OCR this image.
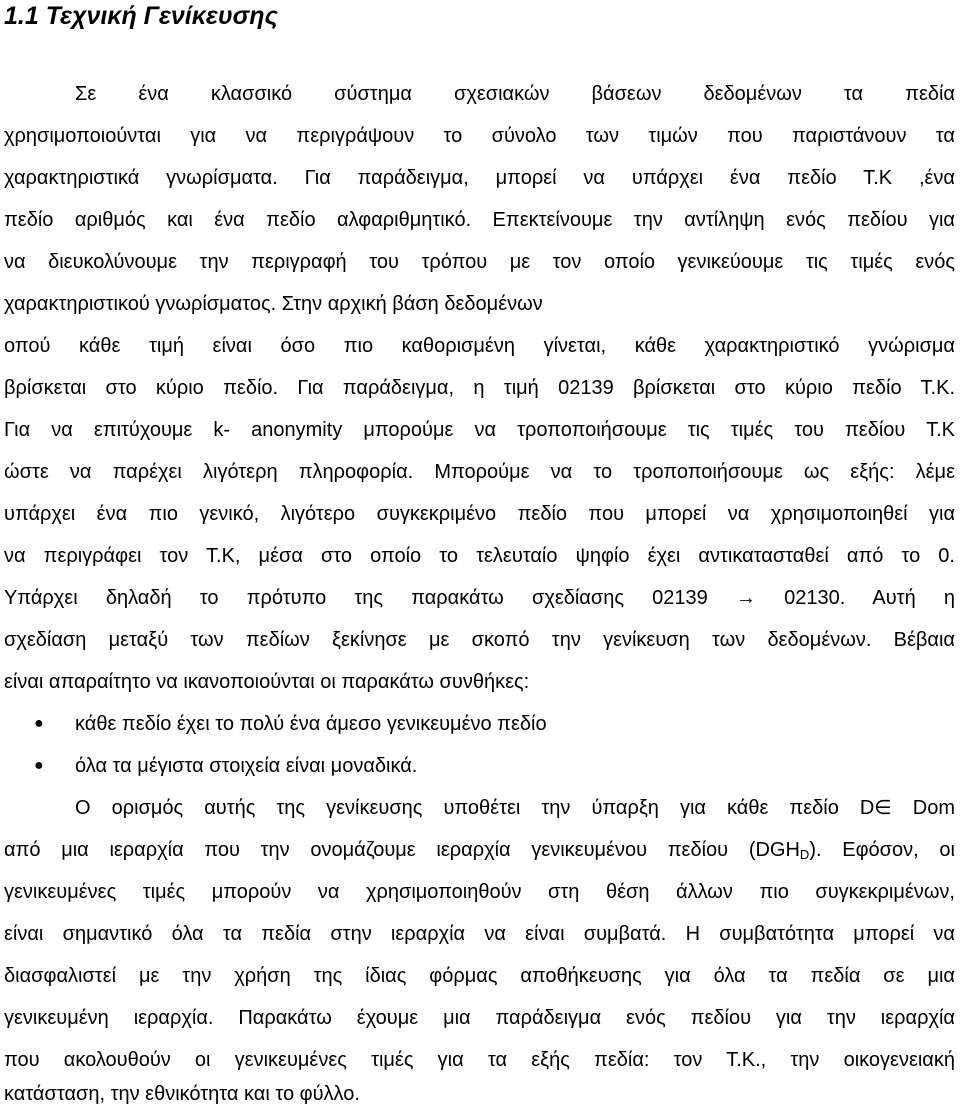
1.1 Τεχνική Γενίκευσης
Σε ένα κλασσικό σύστημα σχεσιακών βάσεων δεδομένων τα πεδία
χρησιμοποιούνται για να περιγράψουν το σύνολο των τιμών που παριστάνουν τα
χαρακτηριστικά γνωρίσματα. Για παράδειγμα, μπορεί να υπάρχει ένα πεδίο Τ.Κ ,ένα
πεδίο αριθμός και ένα πεδίο αλφαριθμητικό. Επεκτείνουμε την αντίληψη ενός πεδίου για
να διευκολύνουμε την περιγραφή του τρόπου με τον οποίο γενικεύουμε τις τιμές ενός
χαρακτηριστικού γνωρίσματος. Στην αρχική βάση δεδομένων
οπού κάθε τιμή είναι όσο πιο καθορισμένη γίνεται, κάθε χαρακτηριστικό γνώρισμα
βρίσκεται στο κύριο πεδίο. Για παράδειγμα, η τιμή 02139 βρίσκεται στο κύριο πεδίο Τ.Κ.
Για να επιτύχουμε k- anonymity μπορούμε να τροποποιήσουμε τις τιμές του πεδίου Τ.Κ
ώστε να παρέχει λιγότερη πληροφορία. Μπορούμε να το τροποποιήσουμε ως εξής: λέμε
υπάρχει ένα πιο γενικό, λιγότερο συγκεκριμένο πεδίο που μπορεί να χρησιμοποιηθεί για
να περιγράφει τον Τ.Κ, μέσα στο οποίο το τελευταίο ψηφίο έχει αντικατασταθεί από το 0.
Υπάρχει δηλαδή το πρότυπο της παρακάτω σχεδίασης 02139 → 02130. Αυτή η
σχεδίαση μεταξύ των πεδίων ξεκίνησε με σκοπό την γενίκευση των δεδομένων. Βέβαια
είναι απαραίτητο να ικανοποιούνται οι παρακάτω συνθήκες:
● κάθε πεδίο έχει το πολύ ένα άμεσο γενικευμένο πεδίο
● όλα τα μέγιστα στοιχεία είναι μοναδικά.
Ο ορισμός αυτής της γενίκευσης υποθέτει την ύπαρξη για κάθε πεδίο D∈ Dom
από μια ιεραρχία που την ονομάζουμε ιεραρχία γενικευμένου πεδίου $(DGH_D)$. Εφόσον, οι
γενικευμένες τιμές μπορούν να χρησιμοποιηθούν στη θέση άλλων πιο συγκεκριμένων,
είναι σημαντικό όλα τα πεδία στην ιεραρχία να είναι συμβατά. Η συμβατότητα μπορεί να
διασφαλιστεί με την χρήση της ίδιας φόρμας αποθήκευσης για όλα τα πεδία σε μια
γενικευμένη ιεραρχία. Παρακάτω έχουμε μια παράδειγμα ενός πεδίου για την ιεραρχία
που ακολουθούν οι γενικευμένες τιμές για τα εξής πεδία: τον Τ.Κ., την οικογενειακή
κατάσταση, την εθνικότητα και το φύλλο.
